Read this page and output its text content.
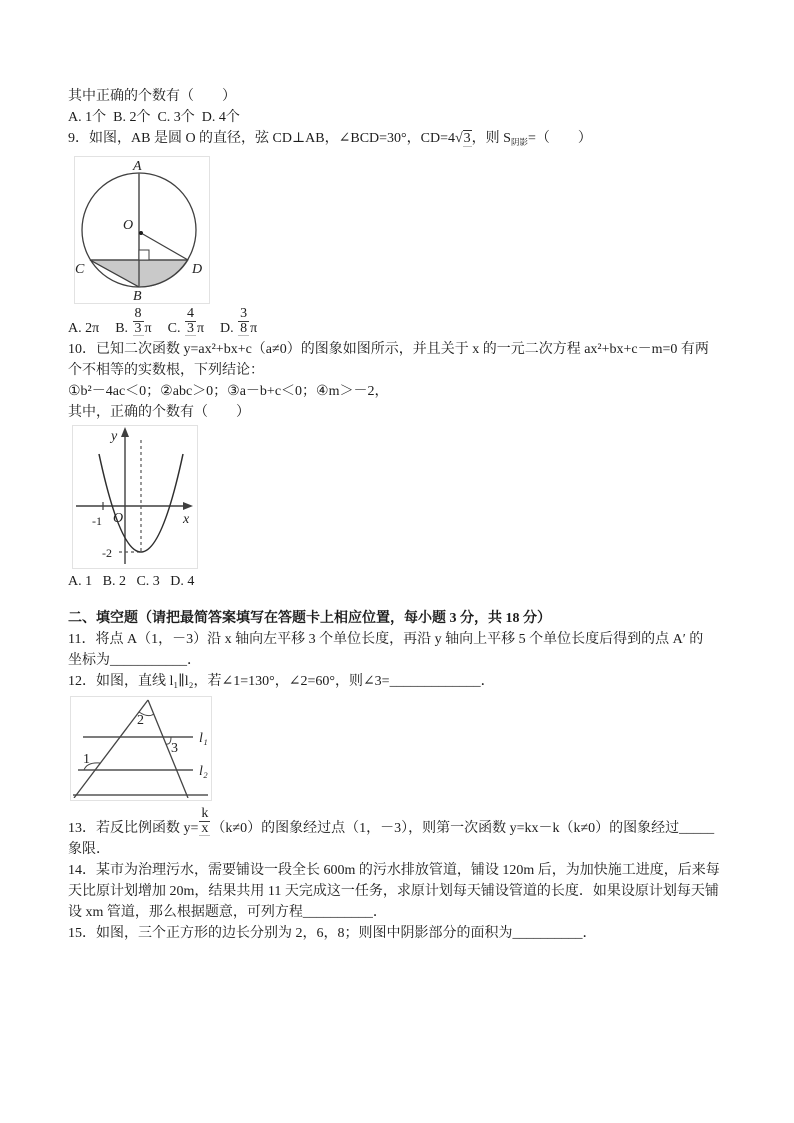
其中正确的个数有（　　）
A. 1个  B. 2个  C. 3个  D. 4个
9．如图，AB 是圆 O 的直径，弦 CD⊥AB，∠BCD=30°，CD=4√3，则 $S_{阴影}=$（　　）
A
B
C	D
O
A. 2π B. $\frac{8}{3}$ π C. $\frac{4}{3}$ π D. $\frac{3}{8}$ π
10．已知二次函数 y=ax²+bx+c（a≠0）的图象如图所示，并且关于 x 的一元二次方程 ax²+bx+c－m=0 有两
个不相等的实数根，下列结论：
①b²－4ac＜0；②abc＞0；③a－b+c＜0；④m＞－2，
其中，正确的个数有（　　）
y
x
O
-1
-2
A. 1   B. 2   C. 3   D. 4
二、填空题（请把最简答案填写在答题卡上相应位置，每小题 3 分，共 18 分）
11．将点 A（1，－3）沿 x 轴向左平移 3 个单位长度，再沿 y 轴向上平移 5 个单位长度后得到的点 A′ 的
坐标为___________．
12．如图，直线 l₁∥l₂，若∠1=130°，∠2=60°，则∠3=_____________．
1
2
3
l₁
l₂
13．若反比例函数 $y= \frac{k}{x} (k\ne 0)$的图象经过点（1，－3），则第一次函数 y=kx－k（k≠0）的图象经过_____
象限．
14．某市为治理污水，需要铺设一段全长 600m 的污水排放管道，铺设 120m 后，为加快施工进度，后来每
天比原计划增加 20m，结果共用 11 天完成这一任务，求原计划每天铺设管道的长度．如果设原计划每天铺
设 xm 管道，那么根据题意，可列方程__________．
15．如图，三个正方形的边长分别为 2，6，8；则图中阴影部分的面积为__________．
